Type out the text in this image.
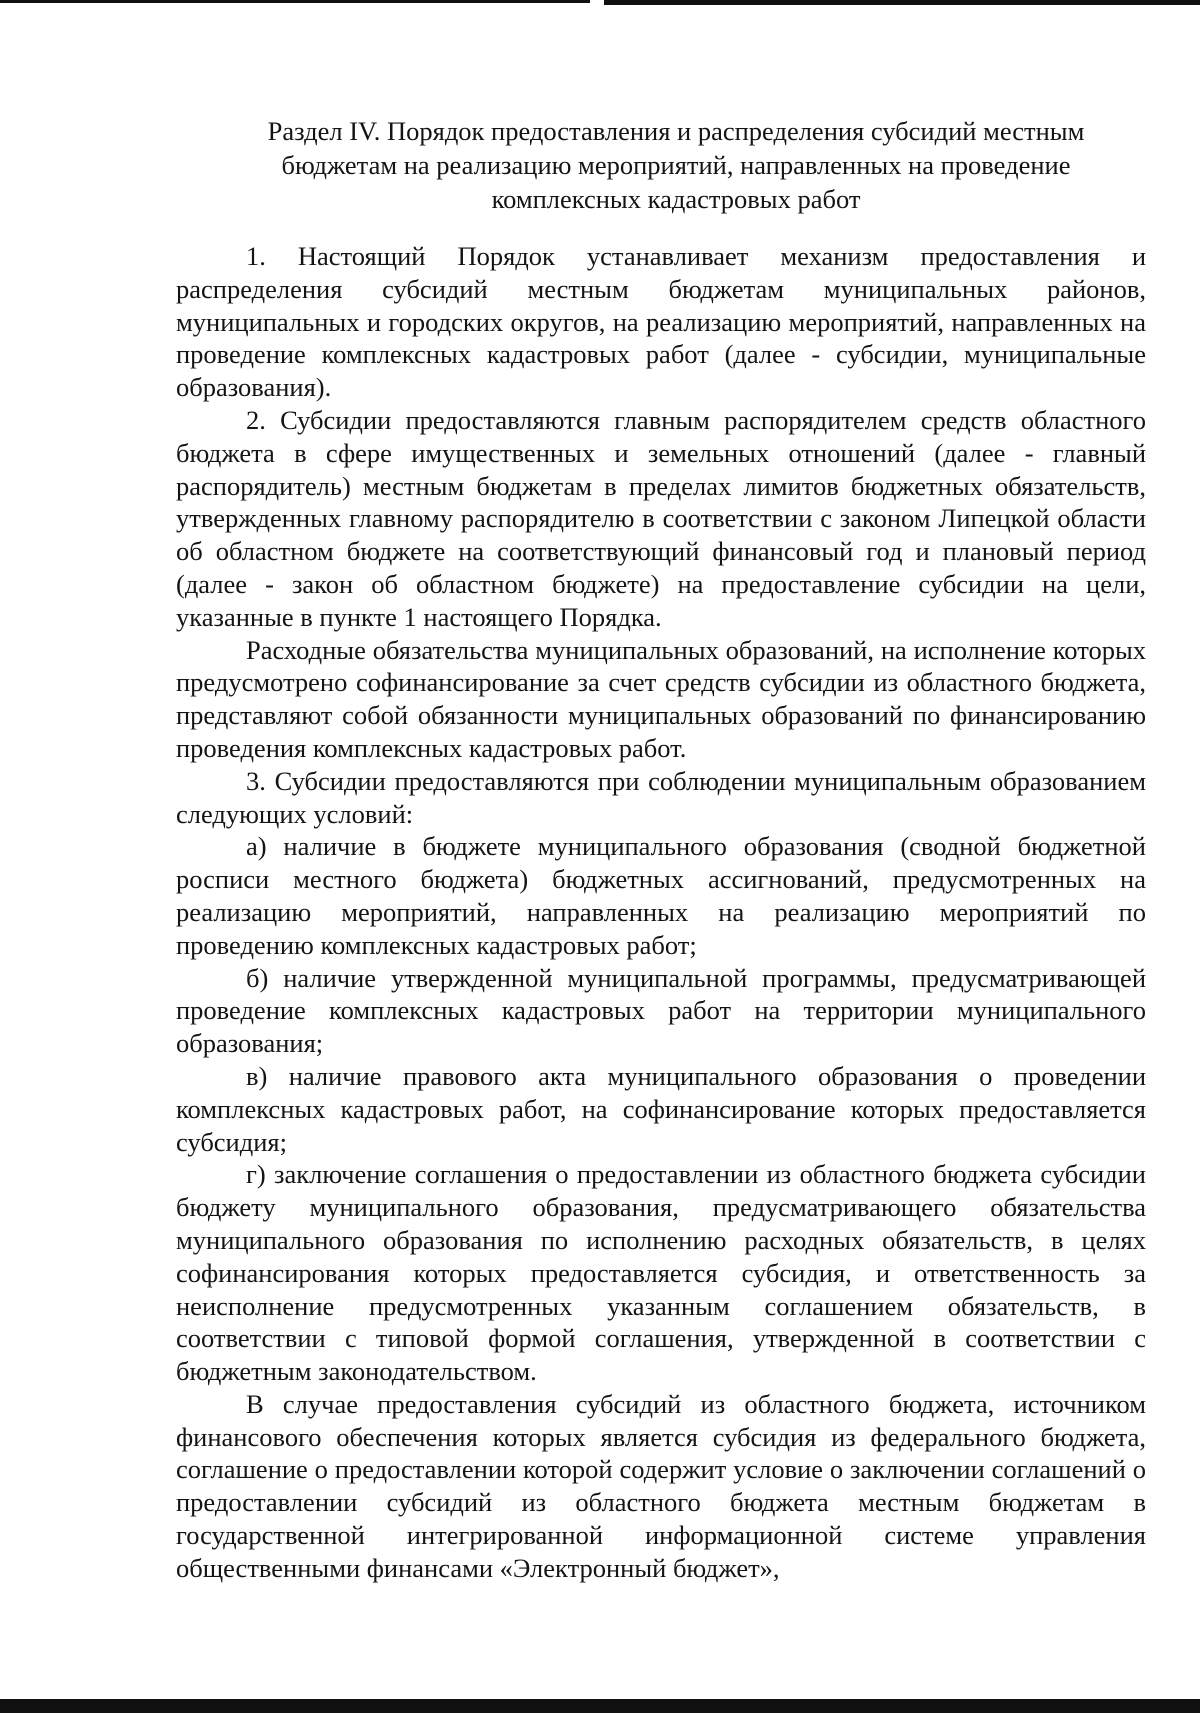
Раздел IV. Порядок предоставления и распределения субсидий местным
бюджетам на реализацию мероприятий, направленных на проведение
комплексных кадастровых работ

1. Настоящий Порядок устанавливает механизм предоставления и распределения субсидий местным бюджетам муниципальных районов, муниципальных и городских округов, на реализацию мероприятий, направленных на проведение комплексных кадастровых работ (далее - субсидии, муниципальные образования).

2. Субсидии предоставляются главным распорядителем средств областного бюджета в сфере имущественных и земельных отношений (далее - главный распорядитель) местным бюджетам в пределах лимитов бюджетных обязательств, утвержденных главному распорядителю в соответствии с законом Липецкой области об областном бюджете на соответствующий финансовый год и плановый период (далее - закон об областном бюджете) на предоставление субсидии на цели, указанные в пункте 1 настоящего Порядка.

Расходные обязательства муниципальных образований, на исполнение которых предусмотрено софинансирование за счет средств субсидии из областного бюджета, представляют собой обязанности муниципальных образований по финансированию проведения комплексных кадастровых работ.

3. Субсидии предоставляются при соблюдении муниципальным образованием следующих условий:

а) наличие в бюджете муниципального образования (сводной бюджетной росписи местного бюджета) бюджетных ассигнований, предусмотренных на реализацию мероприятий, направленных на реализацию мероприятий по проведению комплексных кадастровых работ;

б) наличие утвержденной муниципальной программы, предусматривающей проведение комплексных кадастровых работ на территории муниципального образования;

в) наличие правового акта муниципального образования о проведении комплексных кадастровых работ, на софинансирование которых предоставляется субсидия;

г) заключение соглашения о предоставлении из областного бюджета субсидии бюджету муниципального образования, предусматривающего обязательства муниципального образования по исполнению расходных обязательств, в целях софинансирования которых предоставляется субсидия, и ответственность за неисполнение предусмотренных указанным соглашением обязательств, в соответствии с типовой формой соглашения, утвержденной в соответствии с бюджетным законодательством.

В случае предоставления субсидий из областного бюджета, источником финансового обеспечения которых является субсидия из федерального бюджета, соглашение о предоставлении которой содержит условие о заключении соглашений о предоставлении субсидий из областного бюджета местным бюджетам в государственной интегрированной информационной системе управления общественными финансами «Электронный бюджет»,
